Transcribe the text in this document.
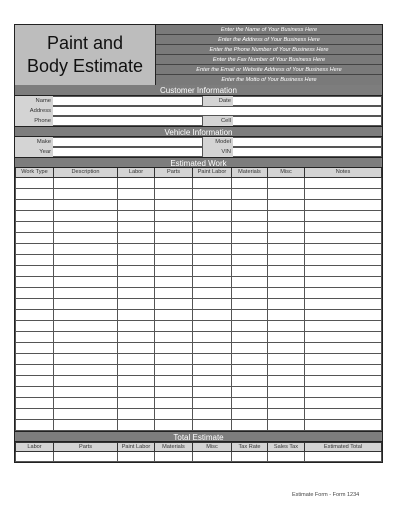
Paint and
Body Estimate
Enter the Name of Your Business Here
Enter the Address of Your Business Here
Enter the Phone Number of Your Business Here
Enter the Fax Number of Your Business Here
Enter the Email or Website Address of Your Business Here
Enter the Motto of Your Business Here
Customer Information
Name	Date
Address
Phone	Cell
Vehicle Information
Make	Model
Year	VIN
Estimated Work
Work Type	Description	Labor	Parts	Paint Labor	Materials	Misc	Notes

Total Estimate
Labor	Parts	Paint Labor	Materials	Misc	Tax Rate	Sales Tax	Estimated Total

Estimate Form - Form 1234
